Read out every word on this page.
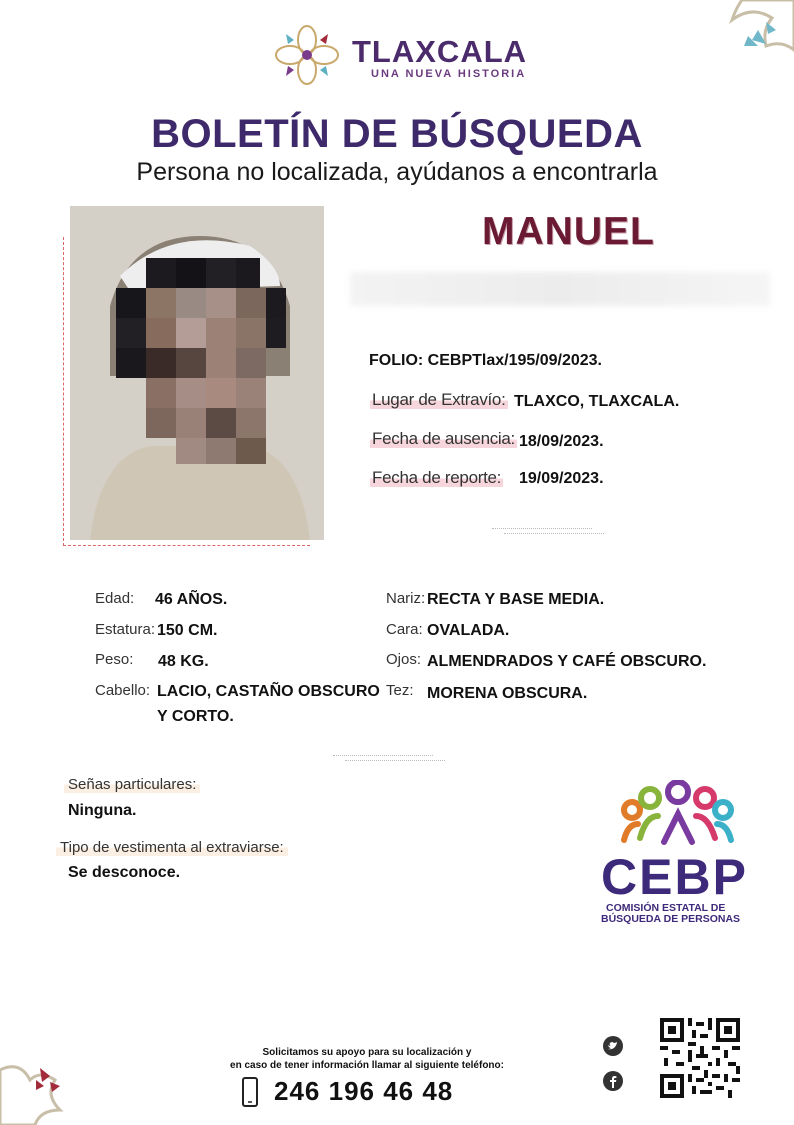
TLAXCALA
UNA NUEVA HISTORIA
BOLETÍN DE BÚSQUEDA
Persona no localizada, ayúdanos a encontrarla
MANUEL
FOLIO: CEBPTlax/195/09/2023.
Lugar de Extravío: TLAXCO, TLAXCALA.
Fecha de ausencia: 18/09/2023.
Fecha de reporte: 19/09/2023.
Edad: 46 AÑOS.
Estatura: 150 CM.
Peso: 48 KG.
Cabello: LACIO, CASTAÑO OBSCURO
Y CORTO.
Nariz: RECTA Y BASE MEDIA.
Cara: OVALADA.
Ojos: ALMENDRADOS Y CAFÉ OBSCURO.
Tez: MORENA OBSCURA.
Señas particulares:
Ninguna.
Tipo de vestimenta al extraviarse:
Se desconoce.	CEBP
COMISIÓN ESTATAL DE
BÚSQUEDA DE PERSONAS
Solicitamos su apoyo para su localización y
en caso de tener información llamar al siguiente teléfono:
246 196 46 48
